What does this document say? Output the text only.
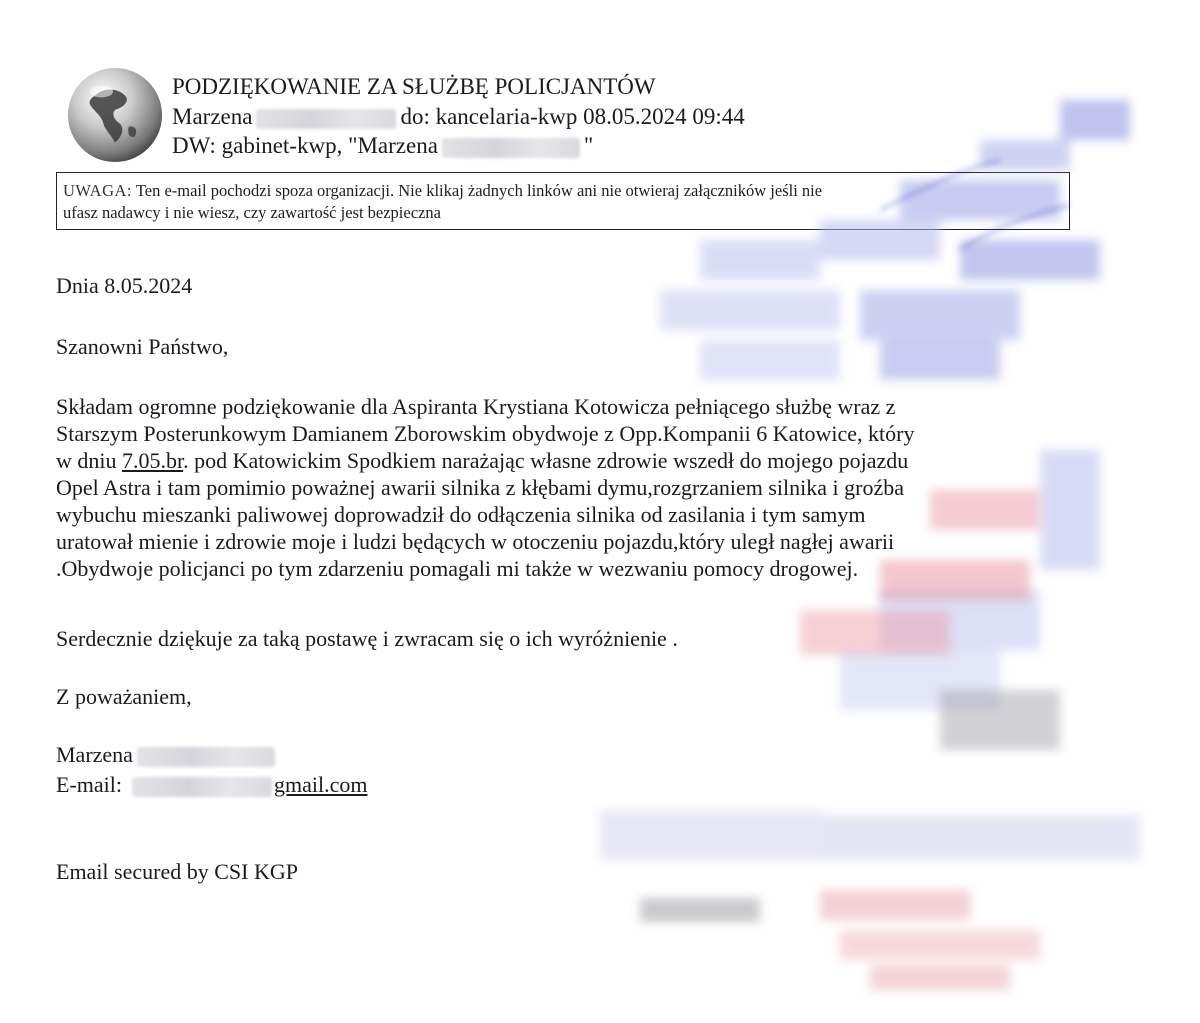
PODZIĘKOWANIE ZA SŁUŻBĘ POLICJANTÓW
Marzena	do: kancelaria-kwp 08.05.2024 09:44
DW: gabinet-kwp, "Marzena	"
UWAGA: Ten e-mail pochodzi spoza organizacji. Nie klikaj żadnych linków ani nie otwieraj załączników jeśli nie
ufasz nadawcy i nie wiesz, czy zawartość jest bezpieczna
Dnia 8.05.2024
Szanowni Państwo,
Składam ogromne podziękowanie dla Aspiranta Krystiana Kotowicza pełniącego służbę wraz z
Starszym Posterunkowym Damianem Zborowskim obydwoje z Opp.Kompanii 6 Katowice, który
w dniu 7.05.br. pod Katowickim Spodkiem narażając własne zdrowie wszedł do mojego pojazdu
Opel Astra i tam pomimio poważnej awarii silnika z kłębami dymu,rozgrzaniem silnika i groźba
wybuchu mieszanki paliwowej doprowadził do odłączenia silnika od zasilania i tym samym
uratował mienie i zdrowie moje i ludzi będących w otoczeniu pojazdu,który uległ nagłej awarii
.Obydwoje policjanci po tym zdarzeniu pomagali mi także w wezwaniu pomocy drogowej.
Serdecznie dziękuje za taką postawę i zwracam się o ich wyróżnienie .
Z poważaniem,
Marzena
E-mail:	gmail.com
Email secured by CSI KGP
